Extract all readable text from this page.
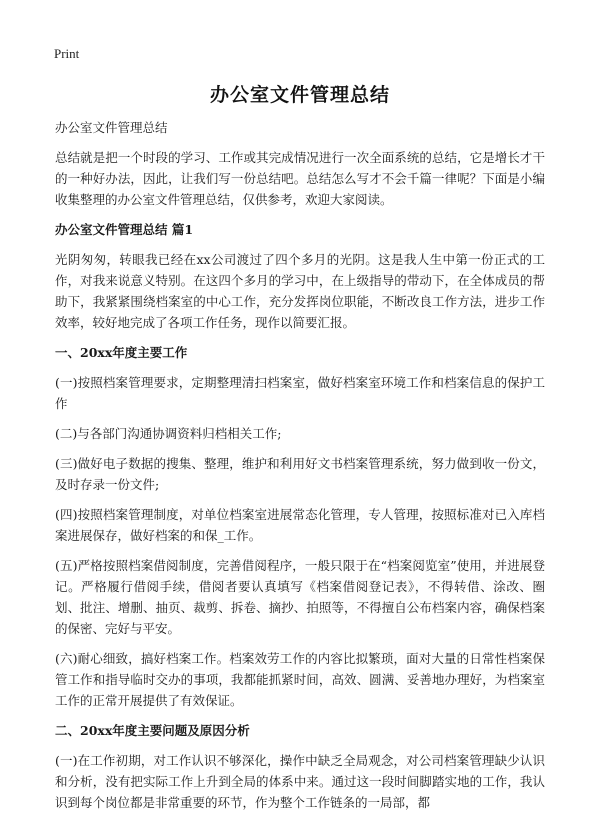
Print
办公室文件管理总结

办公室文件管理总结

总结就是把一个时段的学习、工作或其完成情况进行一次全面系统的总结，它是增长才干的一种好办法，因此，让我们写一份总结吧。总结怎么写才不会千篇一律呢？下面是小编收集整理的办公室文件管理总结，仅供参考，欢迎大家阅读。

办公室文件管理总结 篇1

光阴匆匆，转眼我已经在xx公司渡过了四个多月的光阴。这是我人生中第一份正式的工作，对我来说意义特别。在这四个多月的学习中，在上级指导的带动下，在全体成员的帮助下，我紧紧围绕档案室的中心工作，充分发挥岗位职能，不断改良工作方法，进步工作效率，较好地完成了各项工作任务，现作以简要汇报。

一、20xx年度主要工作

(一)按照档案管理要求，定期整理清扫档案室，做好档案室环境工作和档案信息的保护工作

(二)与各部门沟通协调资料归档相关工作;

(三)做好电子数据的搜集、整理，维护和利用好文书档案管理系统，努力做到收一份文，及时存录一份文件;

(四)按照档案管理制度，对单位档案室进展常态化管理，专人管理，按照标准对已入库档案进展保存，做好档案的和保_工作。

(五)严格按照档案借阅制度，完善借阅程序，一般只限于在“档案阅览室”使用，并进展登记。严格履行借阅手续，借阅者要认真填写《档案借阅登记表》，不得转借、涂改、圈划、批注、增删、抽页、裁剪、拆卷、摘抄、拍照等，不得擅自公布档案内容，确保档案的保密、完好与平安。

(六)耐心细致，搞好档案工作。档案效劳工作的内容比拟繁琐，面对大量的日常性档案保管工作和指导临时交办的事项，我都能抓紧时间，高效、圆满、妥善地办理好，为档案室工作的正常开展提供了有效保证。

二、20xx年度主要问题及原因分析

(一)在工作初期，对工作认识不够深化，操作中缺乏全局观念，对公司档案管理缺少认识和分析，没有把实际工作上升到全局的体系中来。通过这一段时间脚踏实地的工作，我认识到每个岗位都是非常重要的环节，作为整个工作链条的一局部，都
